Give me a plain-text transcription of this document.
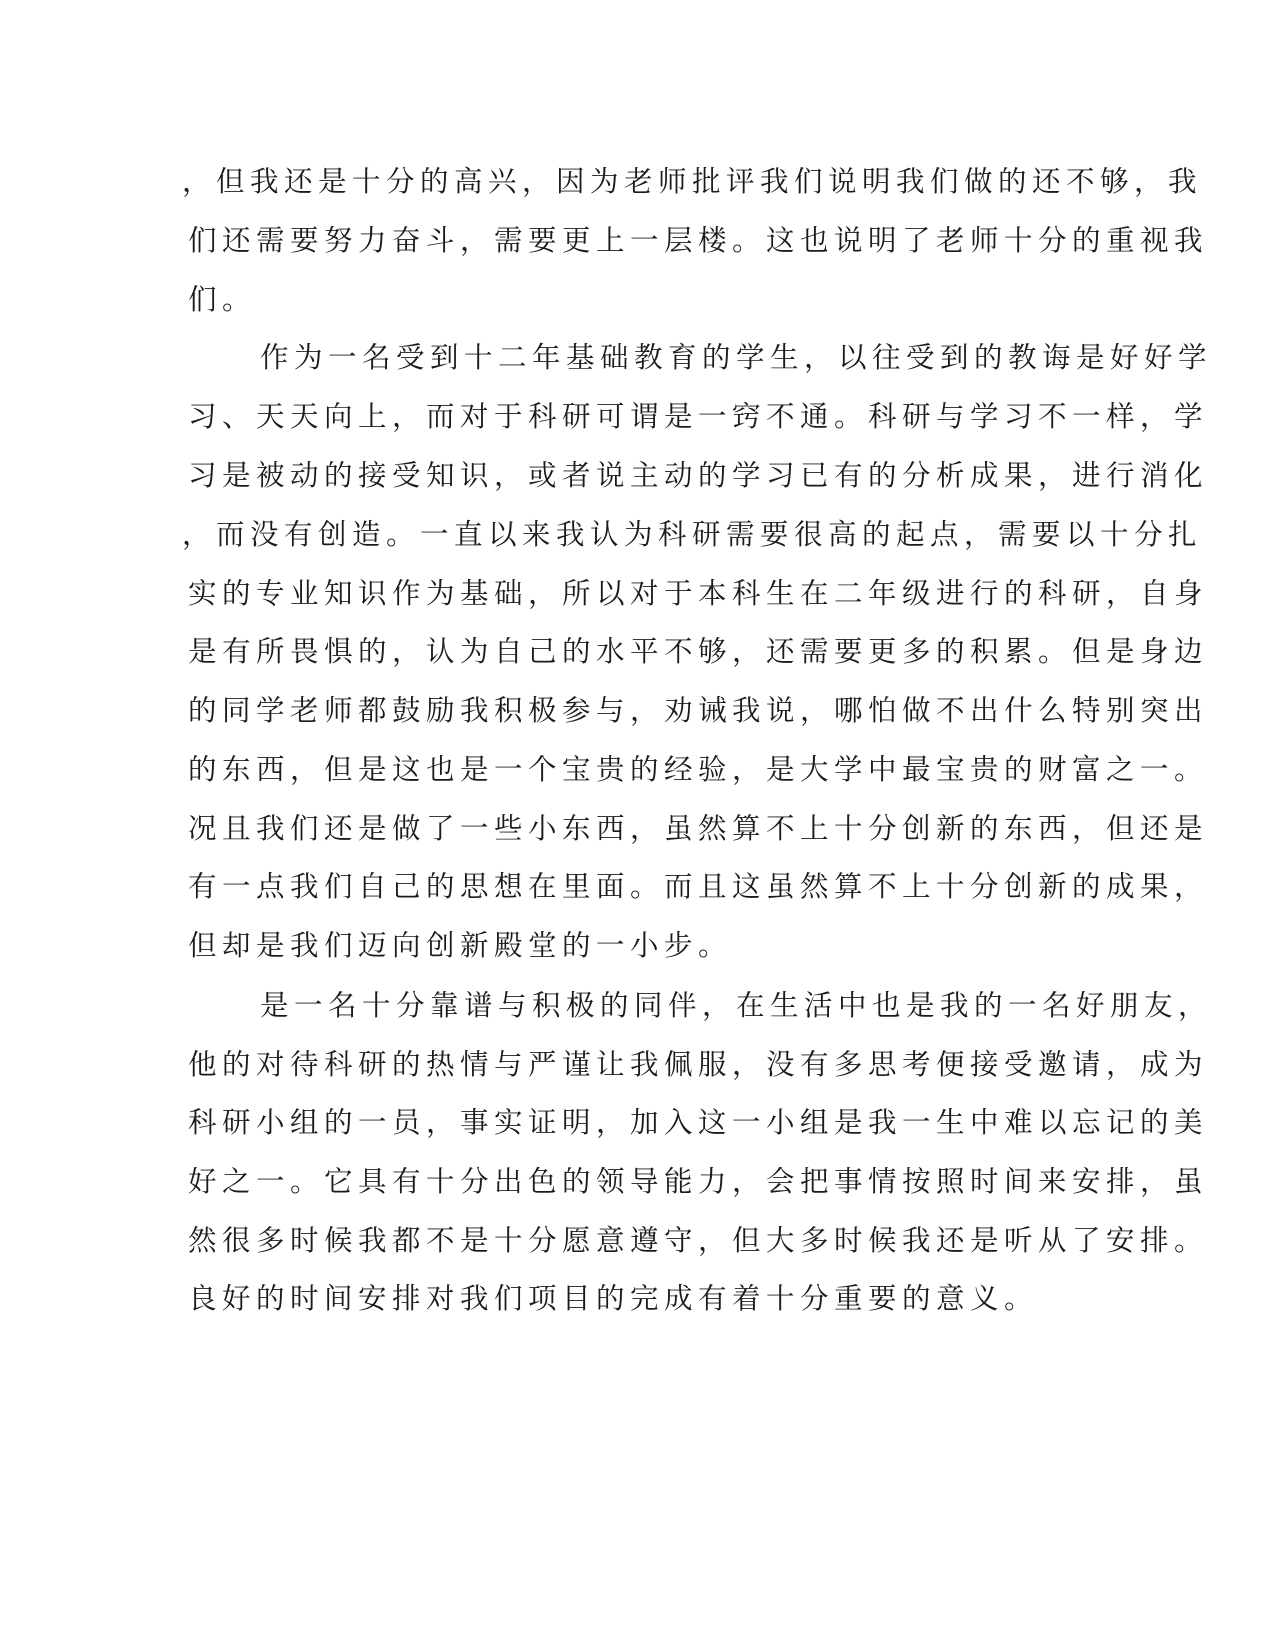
，但我还是十分的高兴，因为老师批评我们说明我们做的还不够，我
们还需要努力奋斗，需要更上一层楼。这也说明了老师十分的重视我
们。
作为一名受到十二年基础教育的学生，以往受到的教诲是好好学
习、天天向上，而对于科研可谓是一窍不通。科研与学习不一样，学
习是被动的接受知识，或者说主动的学习已有的分析成果，进行消化
，而没有创造。一直以来我认为科研需要很高的起点，需要以十分扎
实的专业知识作为基础，所以对于本科生在二年级进行的科研，自身
是有所畏惧的，认为自己的水平不够，还需要更多的积累。但是身边
的同学老师都鼓励我积极参与，劝诫我说，哪怕做不出什么特别突出
的东西，但是这也是一个宝贵的经验，是大学中最宝贵的财富之一。
况且我们还是做了一些小东西，虽然算不上十分创新的东西，但还是
有一点我们自己的思想在里面。而且这虽然算不上十分创新的成果，
但却是我们迈向创新殿堂的一小步。
是一名十分靠谱与积极的同伴，在生活中也是我的一名好朋友，
他的对待科研的热情与严谨让我佩服，没有多思考便接受邀请，成为
科研小组的一员，事实证明，加入这一小组是我一生中难以忘记的美
好之一。它具有十分出色的领导能力，会把事情按照时间来安排，虽
然很多时候我都不是十分愿意遵守，但大多时候我还是听从了安排。
良好的时间安排对我们项目的完成有着十分重要的意义。
